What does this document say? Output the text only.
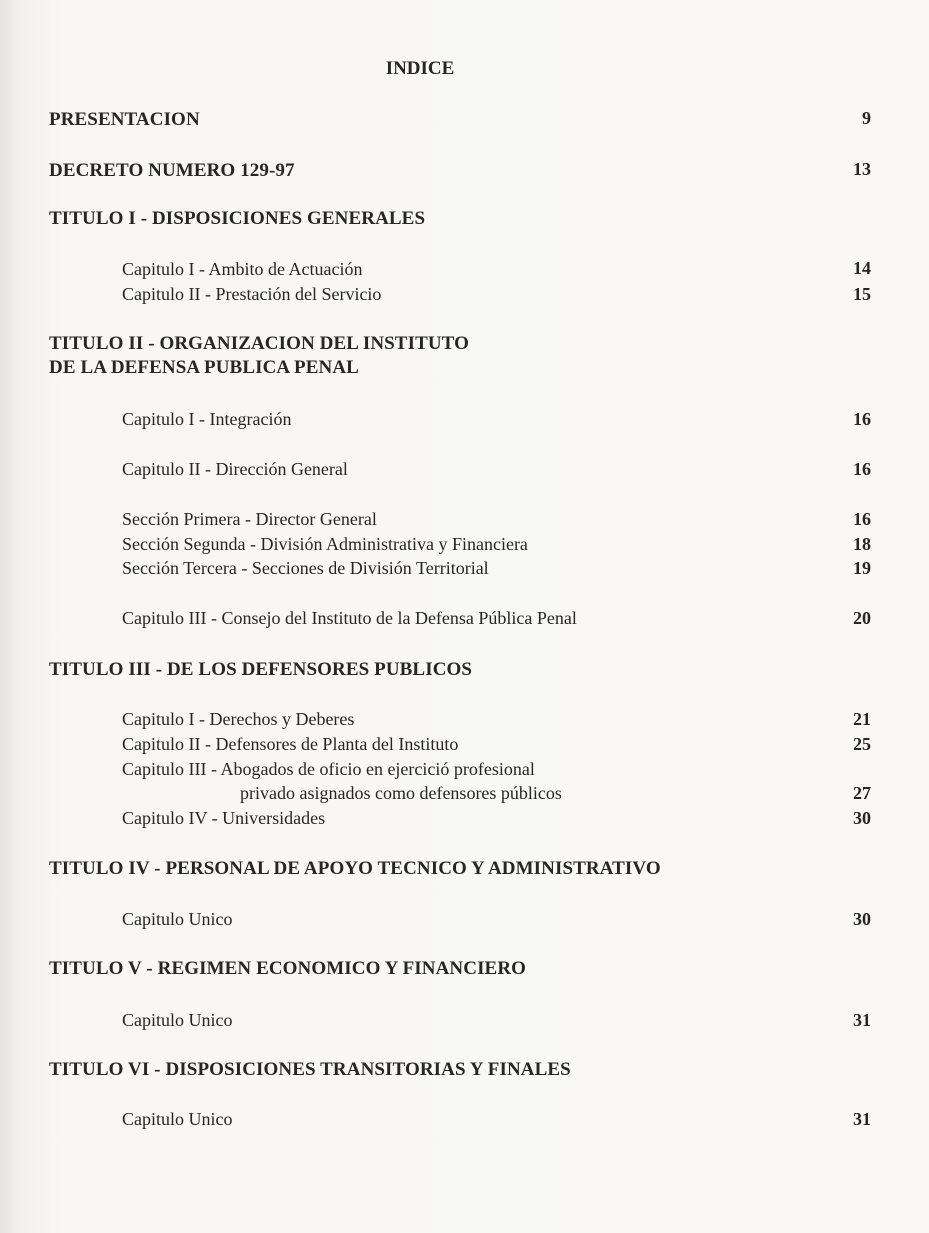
INDICE
PRESENTACION	9
DECRETO NUMERO 129-97	13
TITULO I - DISPOSICIONES GENERALES
Capitulo I - Ambito de Actuación	14
Capitulo II - Prestación del Servicio	15
TITULO II - ORGANIZACION DEL INSTITUTO
DE LA DEFENSA PUBLICA PENAL
Capitulo I - Integración	16
Capitulo II - Dirección General	16
Sección Primera - Director General	16
Sección Segunda - División Administrativa y Financiera	18
Sección Tercera - Secciones de División Territorial	19
Capitulo III - Consejo del Instituto de la Defensa Pública Penal	20
TITULO III - DE LOS DEFENSORES PUBLICOS
Capitulo I - Derechos y Deberes	21
Capitulo II - Defensores de Planta del Instituto	25
Capitulo III - Abogados de oficio en ejercició profesional
privado asignados como defensores públicos	27
Capitulo IV - Universidades	30
TITULO IV - PERSONAL DE APOYO TECNICO Y ADMINISTRATIVO
Capitulo Unico	30
TITULO V - REGIMEN ECONOMICO Y FINANCIERO
Capitulo Unico	31
TITULO VI - DISPOSICIONES TRANSITORIAS Y FINALES
Capitulo Unico	31
